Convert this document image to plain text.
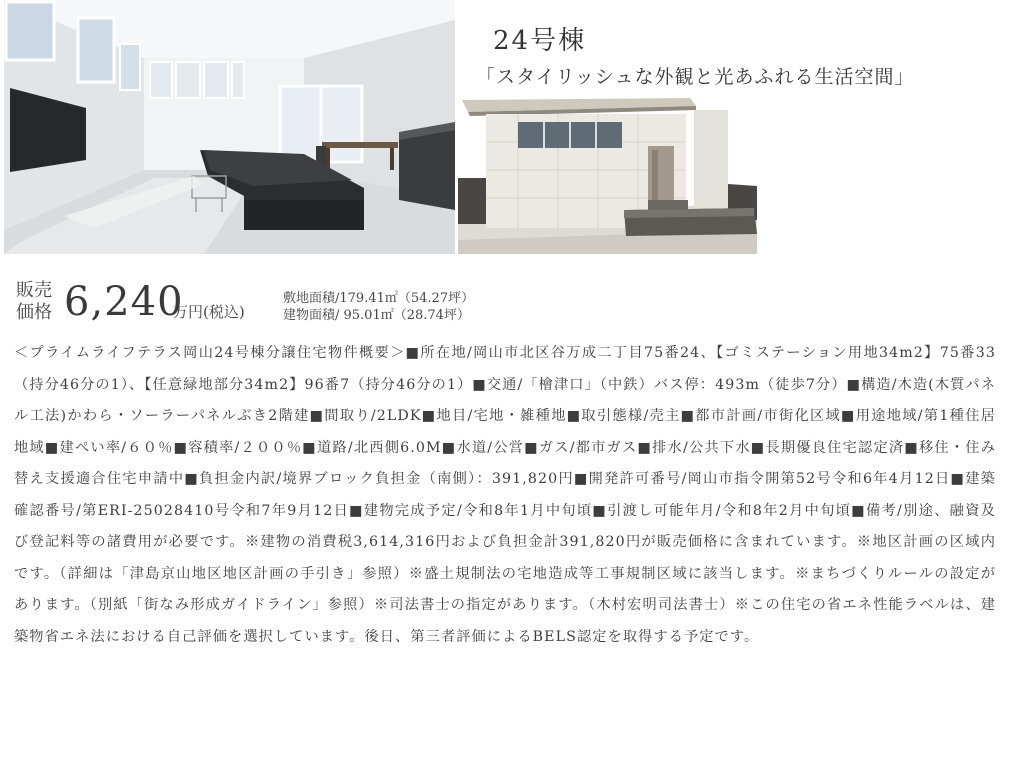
24号棟
「スタイリッシュな外観と光あふれる生活空間」
販売
価格 6,240
万円(税込)
敷地面積/179.41㎡（54.27坪）
建物面積/ 95.01㎡（28.74坪）

＜プライムライフテラス岡山24号棟分譲住宅物件概要＞■所在地/岡山市北区谷万成二丁目75番24、【ゴミステーション用地34m2】75番33（持分46分の1）、【任意緑地部分34m2】96番7（持分46分の1）■交通/「檜津口」（中鉄）バス停：493m（徒歩7分）■構造/木造(木質パネル工法)かわら・ソーラーパネルぶき2階建■間取り/2LDK■地目/宅地・雑種地■取引態様/売主■都市計画/市街化区域■用途地域/第1種住居地域■建ぺい率/６０％■容積率/２００％■道路/北西側6.0M■水道/公営■ガス/都市ガス■排水/公共下水■長期優良住宅認定済■移住・住み替え支援適合住宅申請中■負担金内訳/境界ブロック負担金（南側）：391,820円■開発許可番号/岡山市指令開第52号令和6年4月12日■建築確認番号/第ERI-25028410号令和7年9月12日■建物完成予定/令和8年1月中旬頃■引渡し可能年月/令和8年2月中旬頃■備考/別途、融資及び登記料等の諸費用が必要です。※建物の消費税3,614,316円および負担金計391,820円が販売価格に含まれています。※地区計画の区域内です。（詳細は「津島京山地区地区計画の手引き」参照）※盛土規制法の宅地造成等工事規制区域に該当します。※まちづくりルールの設定があります。（別紙「街なみ形成ガイドライン」参照）※司法書士の指定があります。（木村宏明司法書士）※この住宅の省エネ性能ラベルは、建築物省エネ法における自己評価を選択しています。後日、第三者評価によるBELS認定を取得する予定です。
